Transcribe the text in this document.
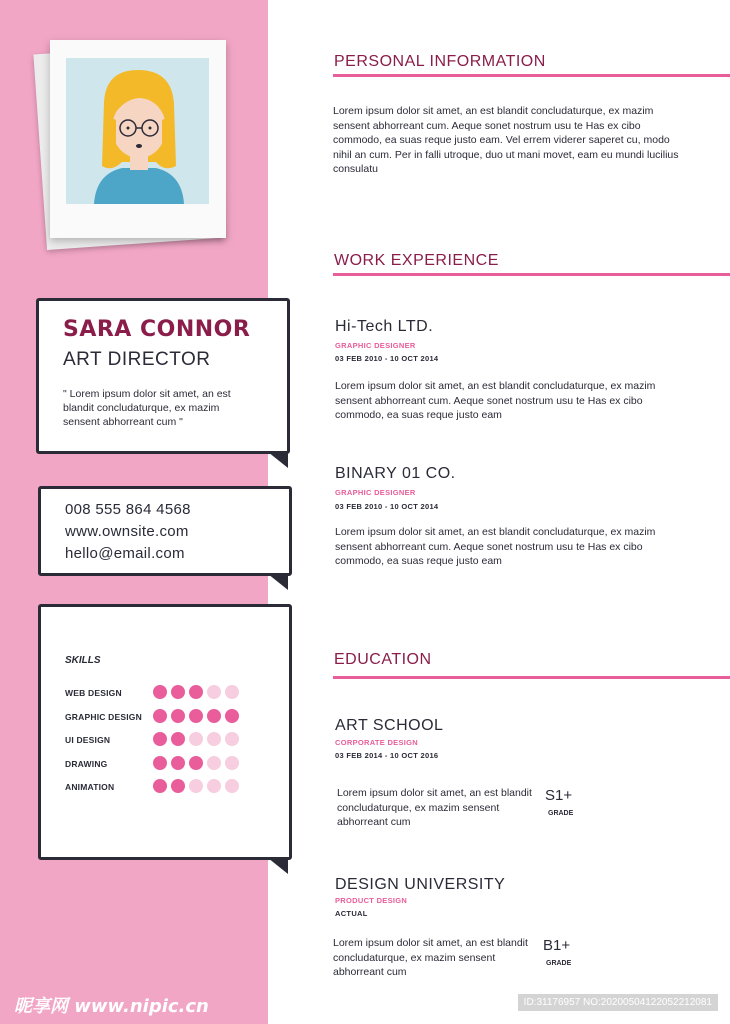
SARA CONNOR
ART DIRECTOR
" Lorem ipsum dolor sit amet, an est blandit concludaturque, ex mazim sensent abhorreant cum "
008 555 864 4568
www.ownsite.com
hello@email.com
SKILLS
WEB DESIGN
GRAPHIC DESIGN
UI DESIGN
DRAWING
ANIMATION
PERSONAL INFORMATION
Lorem ipsum dolor sit amet, an est blandit concludaturque, ex mazim sensent abhorreant cum. Aeque sonet nostrum usu te Has ex cibo commodo, ea suas reque justo eam. Vel errem viderer saperet cu, modo nihil an cum. Per in falli utroque, duo ut mani movet, eam eu mundi lucilius consulatu
WORK EXPERIENCE
Hi-Tech LTD.
GRAPHIC DESIGNER
03 FEB 2010 - 10 OCT 2014
Lorem ipsum dolor sit amet, an est blandit concludaturque, ex mazim sensent abhorreant cum. Aeque sonet nostrum usu te Has ex cibo commodo, ea suas reque justo eam
BINARY 01 CO.
GRAPHIC DESIGNER
03 FEB 2010 - 10 OCT 2014
Lorem ipsum dolor sit amet, an est blandit concludaturque, ex mazim sensent abhorreant cum. Aeque sonet nostrum usu te Has ex cibo commodo, ea suas reque justo eam
EDUCATION
ART SCHOOL
CORPORATE DESIGN
03 FEB 2014 - 10 OCT 2016
Lorem ipsum dolor sit amet, an est blandit concludaturque, ex mazim sensent abhorreant cum
S1+
GRADE
DESIGN UNIVERSITY
PRODUCT DESIGN
ACTUAL
Lorem ipsum dolor sit amet, an est blandit concludaturque, ex mazim sensent abhorreant cum
B1+
GRADE
昵享网 www.nipic.cn	ID:31176957 NO:20200504122052212081
